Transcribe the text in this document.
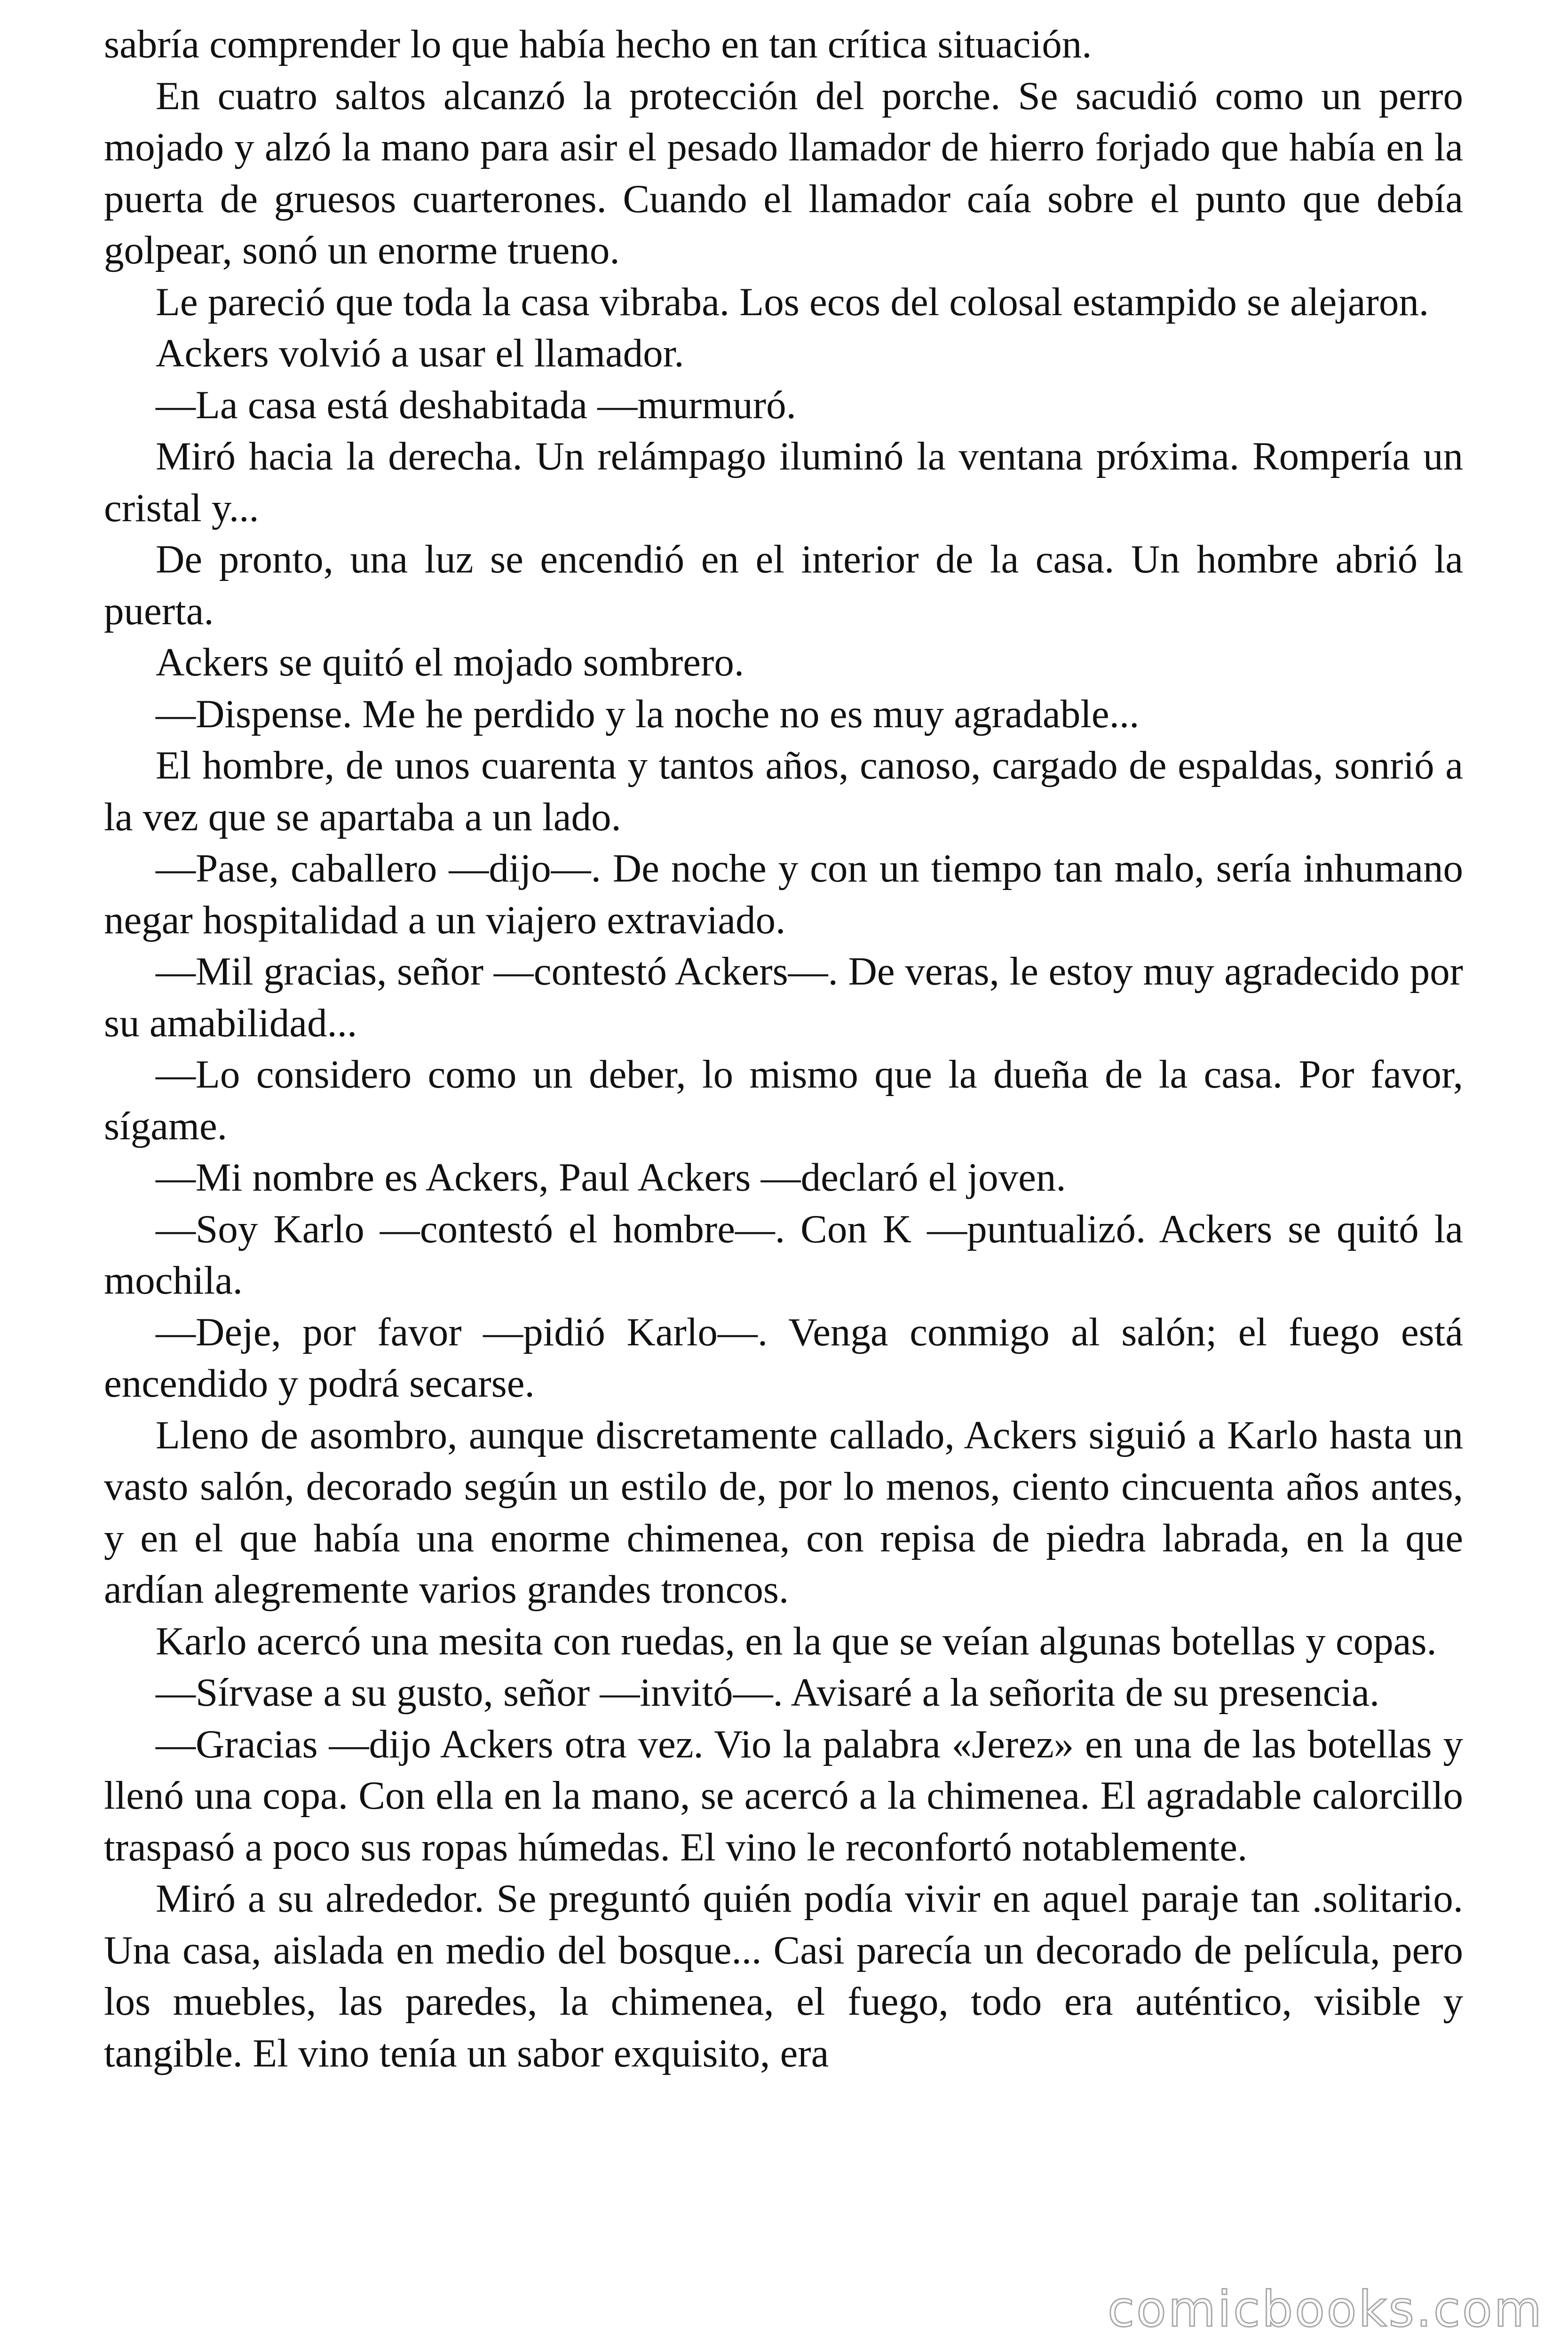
sabría comprender lo que había hecho en tan crítica situación.

En cuatro saltos alcanzó la protección del porche. Se sacudió como un perro mojado y alzó la mano para asir el pesado llamador de hierro forjado que había en la puerta de gruesos cuarterones. Cuando el llamador caía sobre el punto que debía golpear, sonó un enorme trueno.

Le pareció que toda la casa vibraba. Los ecos del colosal estampido se alejaron.

Ackers volvió a usar el llamador.

—La casa está deshabitada —murmuró.

Miró hacia la derecha. Un relámpago iluminó la ventana próxima. Rompería un cristal y...

De pronto, una luz se encendió en el interior de la casa. Un hombre abrió la puerta.

Ackers se quitó el mojado sombrero.

—Dispense. Me he perdido y la noche no es muy agradable...

El hombre, de unos cuarenta y tantos años, canoso, cargado de espaldas, sonrió a la vez que se apartaba a un lado.

—Pase, caballero —dijo—. De noche y con un tiempo tan malo, sería inhumano negar hospitalidad a un viajero extraviado.

—Mil gracias, señor —contestó Ackers—. De veras, le estoy muy agradecido por su amabilidad...

—Lo considero como un deber, lo mismo que la dueña de la casa. Por favor, sígame.

—Mi nombre es Ackers, Paul Ackers —declaró el joven.

—Soy Karlo —contestó el hombre—. Con K —puntualizó. Ackers se quitó la mochila.

—Deje, por favor —pidió Karlo—. Venga conmigo al salón; el fuego está encendido y podrá secarse.

Lleno de asombro, aunque discretamente callado, Ackers siguió a Karlo hasta un vasto salón, decorado según un estilo de, por lo menos, ciento cincuenta años antes, y en el que había una enorme chimenea, con repisa de piedra labrada, en la que ardían alegremente varios grandes troncos.

Karlo acercó una mesita con ruedas, en la que se veían algunas botellas y copas.

—Sírvase a su gusto, señor —invitó—. Avisaré a la señorita de su presencia.

—Gracias —dijo Ackers otra vez. Vio la palabra «Jerez» en una de las botellas y llenó una copa. Con ella en la mano, se acercó a la chimenea. El agradable calorcillo traspasó a poco sus ropas húmedas. El vino le reconfortó notablemente.

Miró a su alrededor. Se preguntó quién podía vivir en aquel paraje tan .solitario. Una casa, aislada en medio del bosque... Casi parecía un decorado de película, pero los muebles, las paredes, la chimenea, el fuego, todo era auténtico, visible y tangible. El vino tenía un sabor exquisito, era

comicbooks.com
